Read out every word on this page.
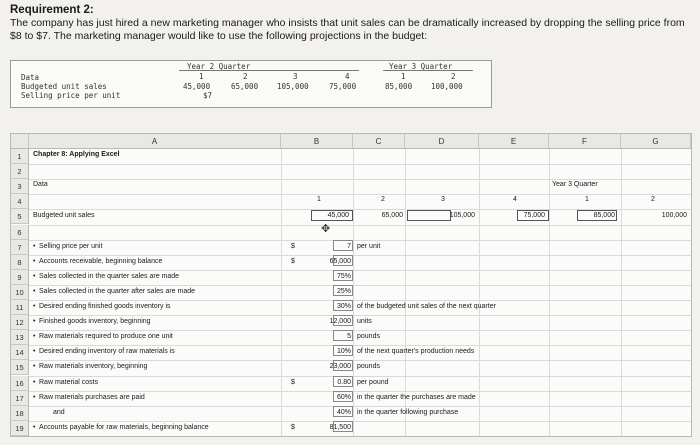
Requirement 2:
The company has just hired a new marketing manager who insists that unit sales can be dramatically increased by dropping the selling price from $8 to $7. The marketing manager would like to use the following projections in the budget:
Data
Year 2 Quarter	Year 3 Quarter
1	2	3	4	1	2
Budgeted unit sales	45,000	65,000	105,000	75,000	85,000	100,000
Selling price per unit	$7
A	B	C	D	E	F	G
1
2
3
4
5
6
7
8
9
10
11
12
13
14
15
16
17
18
19
Chapter 8: Applying Excel
Data	Year 3 Quarter
1	2	3	4	1	2
Budgeted unit sales	45,000	65,000	105,000	75,000	85,000	100,000
✥
• Selling price per unit	$	7 per unit
• Accounts receivable, beginning balance	$	65,000
• Sales collected in the quarter sales are made	75%
• Sales collected in the quarter after sales are made	25%
• Desired ending finished goods inventory is	30% of the budgeted unit sales of the next quarter
• Finished goods inventory, beginning	12,000 units
• Raw materials required to produce one unit	5 pounds
• Desired ending inventory of raw materials is	10% of the next quarter's production needs
• Raw materials inventory, beginning	23,000 pounds
• Raw material costs	$	0.80 per pound
• Raw materials purchases are paid	60% in the quarter the purchases are made
and	40% in the quarter following purchase
• Accounts payable for raw materials, beginning balance	$	81,500
